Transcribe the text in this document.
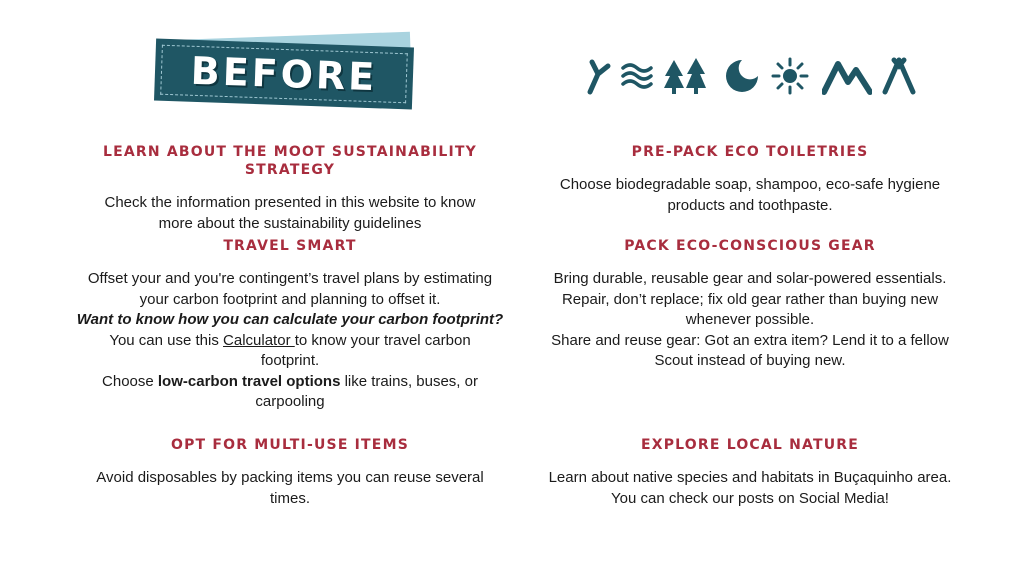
BEFORE
LEARN ABOUT THE MOOT SUSTAINABILITY STRATEGY

Check the information presented in this website to know
more about the sustainability guidelines

TRAVEL SMART

Offset your and you're contingent’s travel plans by estimating
your carbon footprint and planning to offset it.
Want to know how you can calculate your carbon footprint?
You can use this Calculator to know your travel carbon
footprint.
Choose low-carbon travel options like trains, buses, or
carpooling

OPT FOR MULTI-USE ITEMS

Avoid disposables by packing items you can reuse several
times.

PRE-PACK ECO TOILETRIES

Choose biodegradable soap, shampoo, eco-safe hygiene
products and toothpaste.

PACK ECO-CONSCIOUS GEAR

Bring durable, reusable gear and solar-powered essentials.
Repair, don’t replace; fix old gear rather than buying new
whenever possible.
Share and reuse gear: Got an extra item? Lend it to a fellow
Scout instead of buying new.

EXPLORE LOCAL NATURE

Learn about native species and habitats in Buçaquinho area.
You can check our posts on Social Media!
